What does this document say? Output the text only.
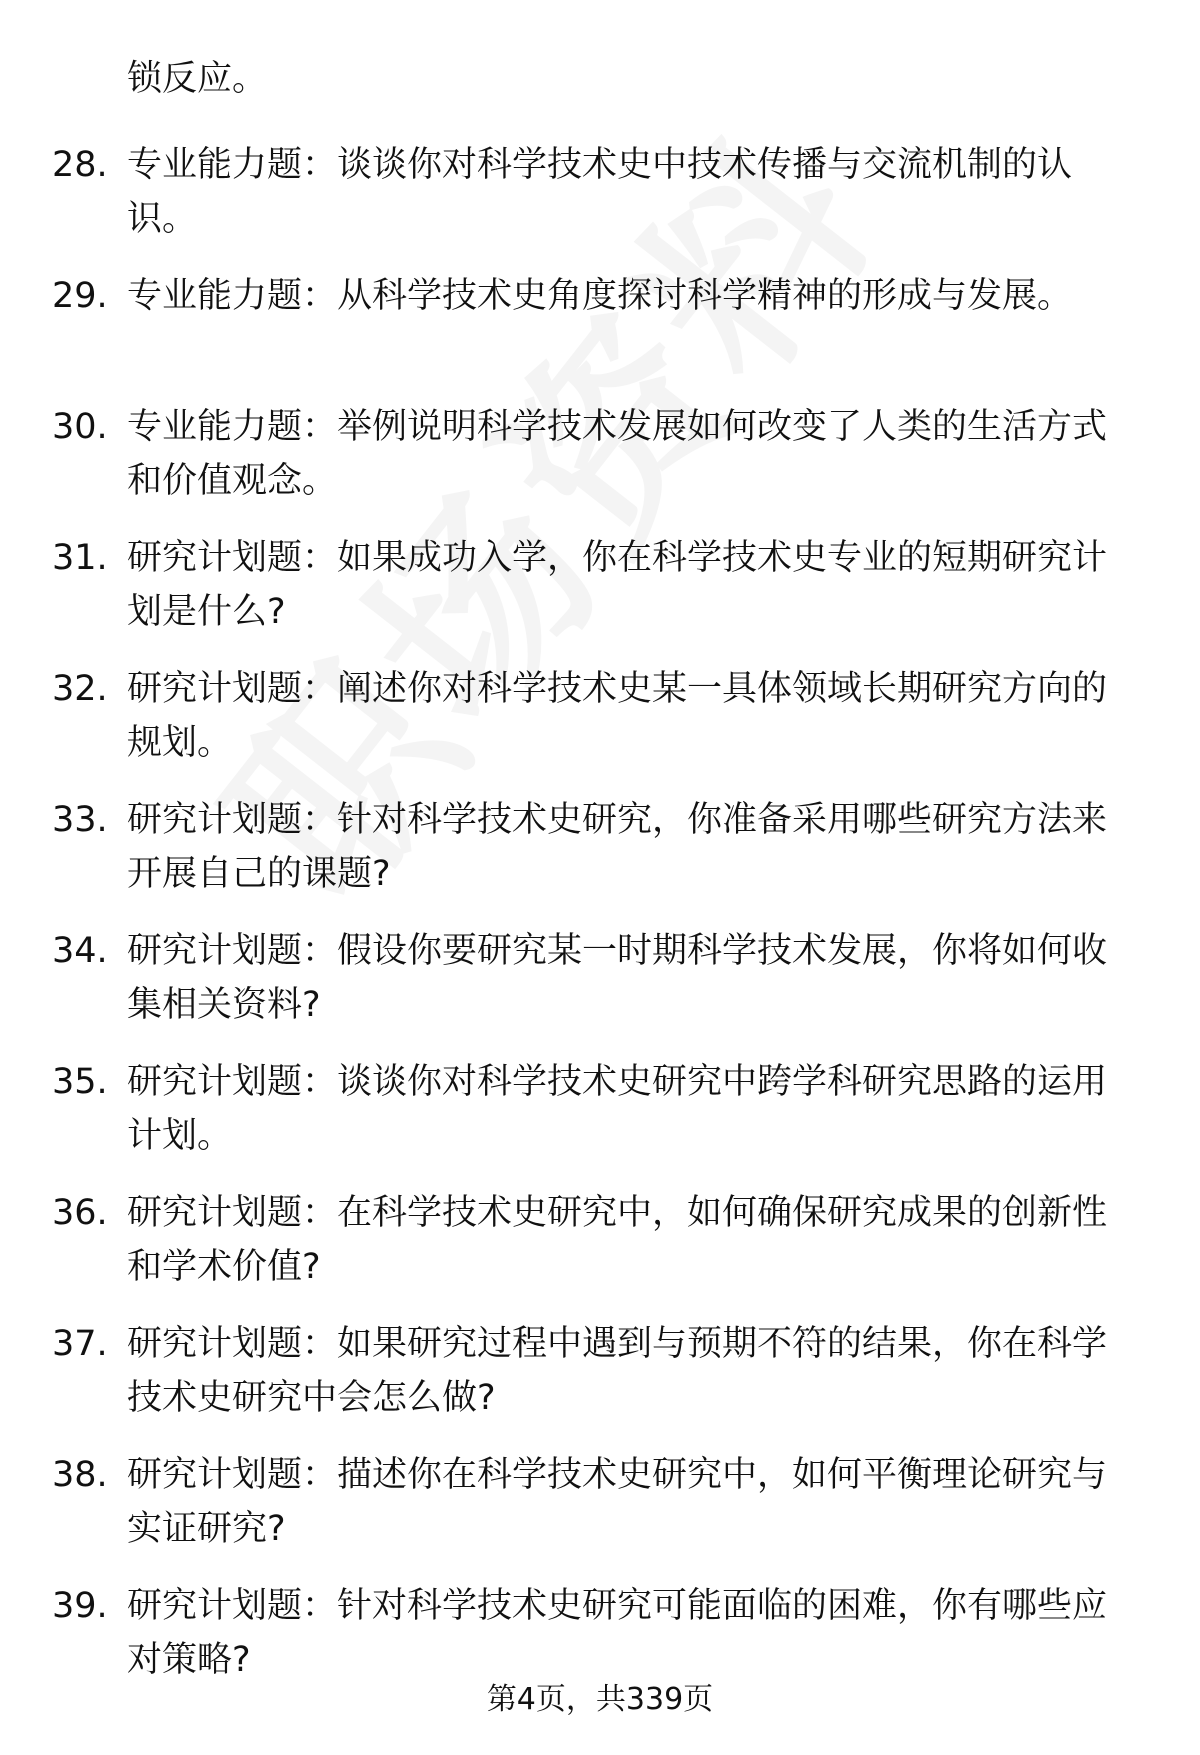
锁反应。

28. 专业能力题：谈谈你对科学技术史中技术传播与交流机制的认识。
29. 专业能力题：从科学技术史角度探讨科学精神的形成与发展。
30. 专业能力题：举例说明科学技术发展如何改变了人类的生活方式和价值观念。
31. 研究计划题：如果成功入学，你在科学技术史专业的短期研究计划是什么?
32. 研究计划题：阐述你对科学技术史某一具体领域长期研究方向的规划。
33. 研究计划题：针对科学技术史研究，你准备采用哪些研究方法来开展自己的课题?
34. 研究计划题：假设你要研究某一时期科学技术发展，你将如何收集相关资料?
35. 研究计划题：谈谈你对科学技术史研究中跨学科研究思路的运用计划。
36. 研究计划题：在科学技术史研究中，如何确保研究成果的创新性和学术价值?
37. 研究计划题：如果研究过程中遇到与预期不符的结果，你在科学技术史研究中会怎么做?
38. 研究计划题：描述你在科学技术史研究中，如何平衡理论研究与实证研究?
39. 研究计划题：针对科学技术史研究可能面临的困难，你有哪些应对策略?
第4页，共339页
